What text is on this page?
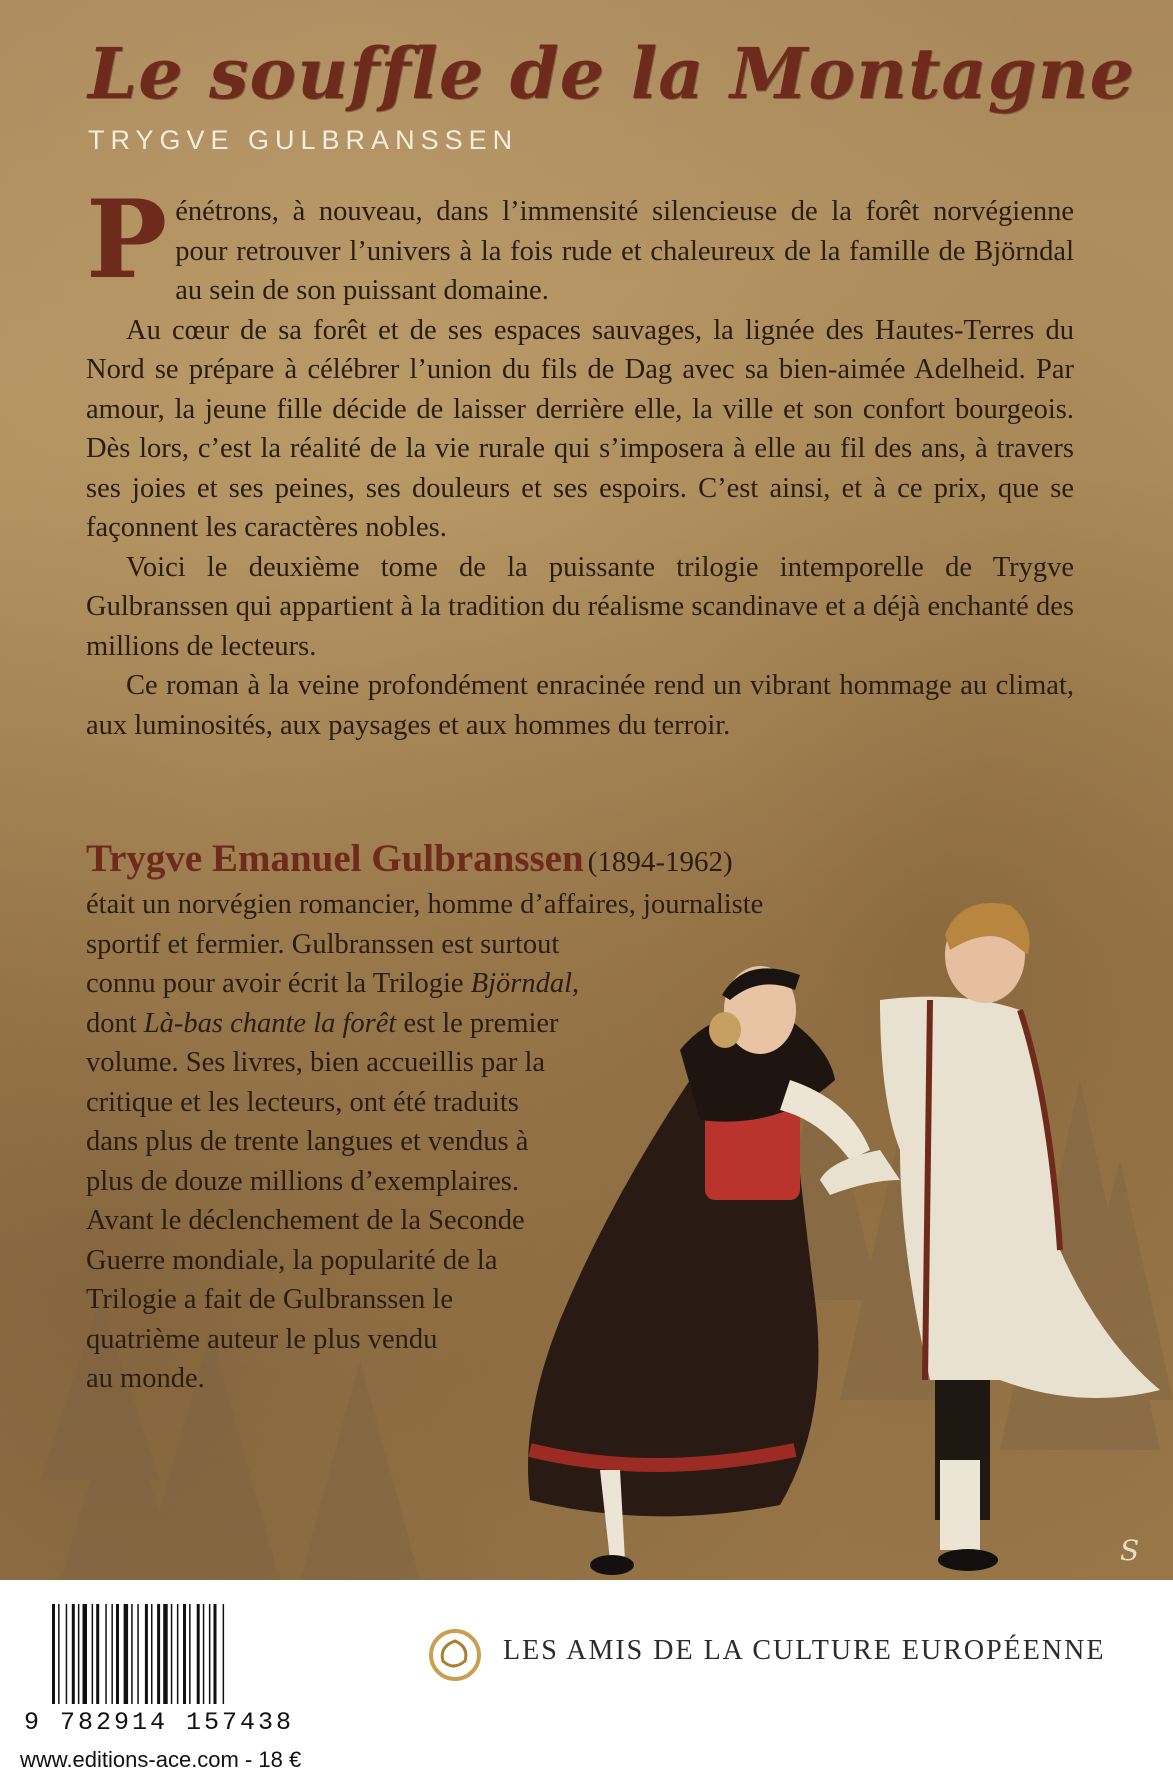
S
Le souffle de la Montagne
TRYGVE GULBRANSSEN

Pénétrons, à nouveau, dans l’immensité silencieuse de la forêt norvégienne pour retrouver l’univers à la fois rude et chaleureux de la famille de Björndal au sein de son puissant domaine.

Au cœur de sa forêt et de ses espaces sauvages, la lignée des Hautes-Terres du Nord se prépare à célébrer l’union du fils de Dag avec sa bien-aimée Adelheid. Par amour, la jeune fille décide de laisser derrière elle, la ville et son confort bourgeois. Dès lors, c’est la réalité de la vie rurale qui s’imposera à elle au fil des ans, à travers ses joies et ses peines, ses douleurs et ses espoirs. C’est ainsi, et à ce prix, que se façonnent les caractères nobles.

Voici le deuxième tome de la puissante trilogie intemporelle de Trygve Gulbranssen qui appartient à la tradition du réalisme scandinave et a déjà enchanté des millions de lecteurs.

Ce roman à la veine profondément enracinée rend un vibrant hommage au climat, aux luminosités, aux paysages et aux hommes du terroir.

Trygve Emanuel Gulbranssen (1894-1962)
était un norvégien romancier, homme d’affaires, journaliste
sportif et fermier. Gulbranssen est surtout
connu pour avoir écrit la Trilogie Björndal,
dont Là-bas chante la forêt est le premier
volume. Ses livres, bien accueillis par la
critique et les lecteurs, ont été traduits
dans plus de trente langues et vendus à
plus de douze millions d’exemplaires.
Avant le déclenchement de la Seconde
Guerre mondiale, la popularité de la
Trilogie a fait de Gulbranssen le
quatrième auteur le plus vendu
au monde.
9 782914 157438
www.editions-ace.com - 18 €
LES AMIS DE LA CULTURE EUROPÉENNE
